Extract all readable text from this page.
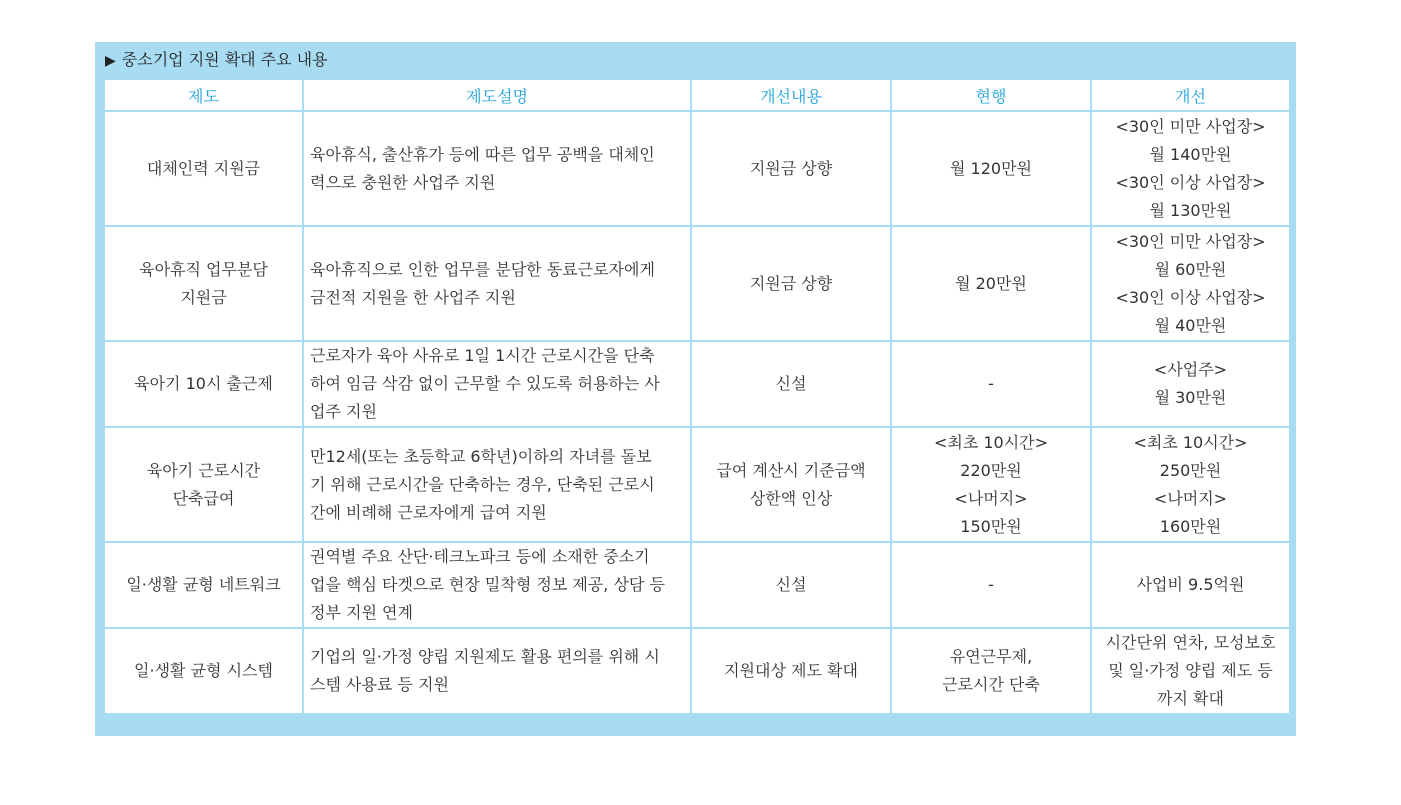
▶ 중소기업 지원 확대 주요 내용
제도	제도설명	개선내용	현행	개선

대체인력 지원금	육아휴식, 출산휴가 등에 따른 업무 공백을 대체인
력으로 충원한 사업주 지원	지원금 상향	월 120만원	<30인 미만 사업장>
월 140만원
<30인 이상 사업장>
월 130만원

육아휴직 업무분담
지원금	육아휴직으로 인한 업무를 분담한 동료근로자에게
금전적 지원을 한 사업주 지원	지원금 상향	월 20만원	<30인 미만 사업장>
월 60만원
<30인 이상 사업장>
월 40만원

육아기 10시 출근제	근로자가 육아 사유로 1일 1시간 근로시간을 단축
하여 임금 삭감 없이 근무할 수 있도록 허용하는 사
업주 지원	신설	-	<사업주>
월 30만원

육아기 근로시간
단축급여	만12세(또는 초등학교 6학년)이하의 자녀를 돌보
기 위해 근로시간을 단축하는 경우, 단축된 근로시
간에 비례해 근로자에게 급여 지원	급여 계산시 기준금액
상한액 인상	<최초 10시간>
220만원
<나머지>
150만원	<최초 10시간>
250만원
<나머지>
160만원

일·생활 균형 네트워크	권역별 주요 산단·테크노파크 등에 소재한 중소기
업을 핵심 타겟으로 현장 밀착형 정보 제공, 상담 등
정부 지원 연계	신설	-	사업비 9.5억원

일·생활 균형 시스템	기업의 일·가정 양립 지원제도 활용 편의를 위해 시
스템 사용료 등 지원	지원대상 제도 확대	유연근무제,
근로시간 단축	시간단위 연차, 모성보호
및 일·가정 양립 제도 등
까지 확대
